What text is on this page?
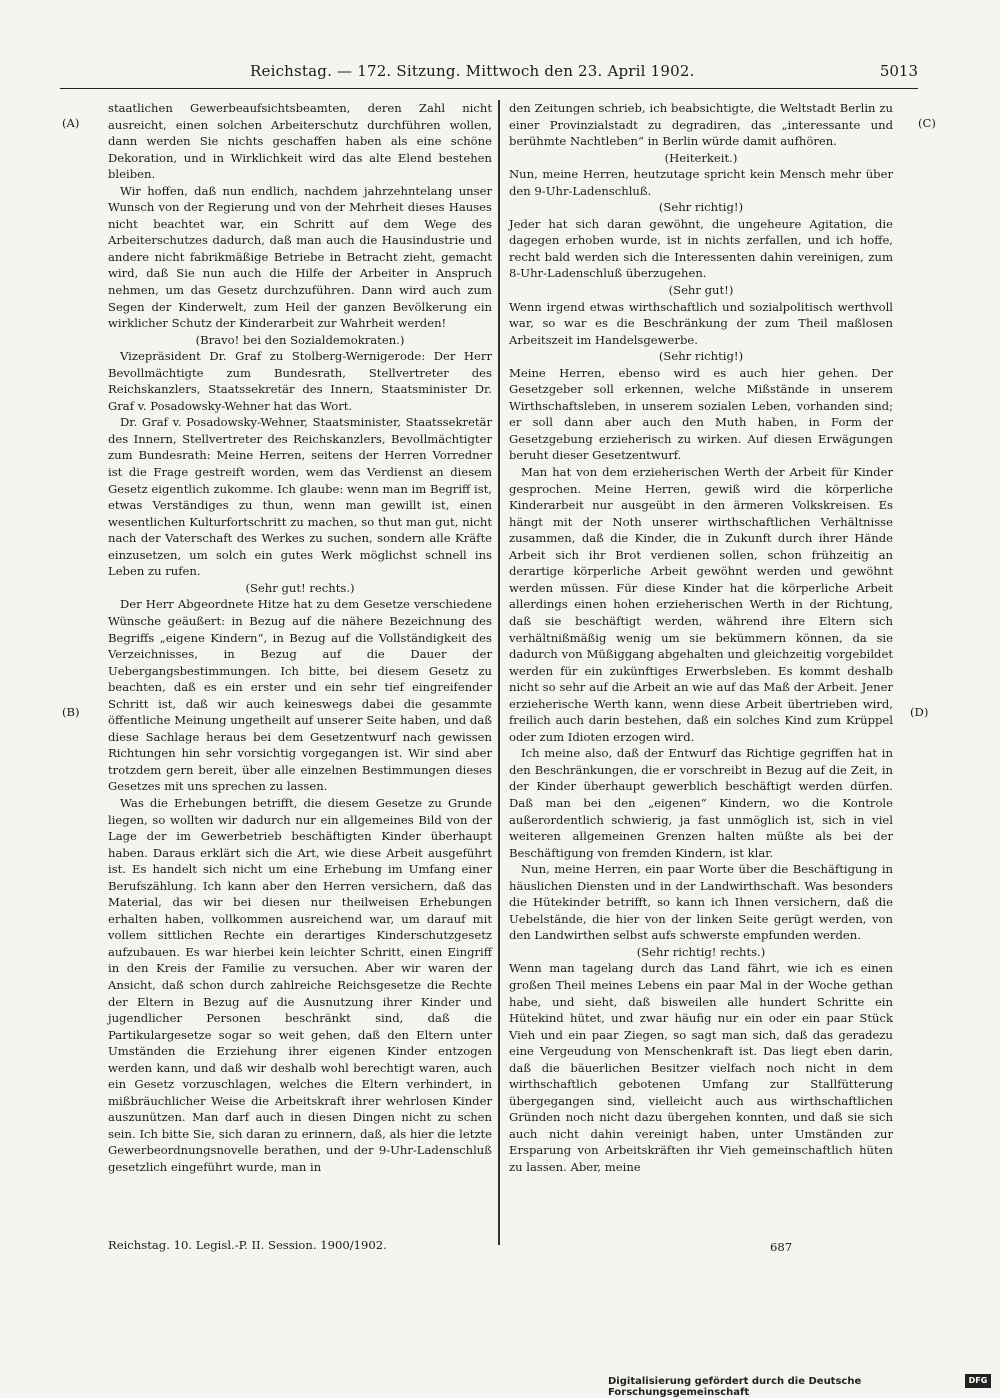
Reichstag. — 172. Sitzung. Mittwoch den 23. April 1902.	5013
(A)
(B)
(C)
(D)

staatlichen Gewerbeaufsichtsbeamten, deren Zahl nicht ausreicht, einen solchen Arbeiterschutz durchführen wollen, dann werden Sie nichts geschaffen haben als eine schöne Dekoration, und in Wirklichkeit wird das alte Elend bestehen bleiben.

Wir hoffen, daß nun endlich, nachdem jahrzehntelang unser Wunsch von der Regierung und von der Mehrheit dieses Hauses nicht beachtet war, ein Schritt auf dem Wege des Arbeiterschutzes dadurch, daß man auch die Hausindustrie und andere nicht fabrikmäßige Betriebe in Betracht zieht, gemacht wird, daß Sie nun auch die Hilfe der Arbeiter in Anspruch nehmen, um das Gesetz durchzuführen. Dann wird auch zum Segen der Kinderwelt, zum Heil der ganzen Bevölkerung ein wirklicher Schutz der Kinderarbeit zur Wahrheit werden!

(Bravo! bei den Sozialdemokraten.)

Vizepräsident Dr. Graf zu Stolberg-Wernigerode: Der Herr Bevollmächtigte zum Bundesrath, Stellvertreter des Reichskanzlers, Staatssekretär des Innern, Staatsminister Dr. Graf v. Posadowsky-Wehner hat das Wort.

Dr. Graf v. Posadowsky-Wehner, Staatsminister, Staatssekretär des Innern, Stellvertreter des Reichskanzlers, Bevollmächtigter zum Bundesrath: Meine Herren, seitens der Herren Vorredner ist die Frage gestreift worden, wem das Verdienst an diesem Gesetz eigentlich zukomme. Ich glaube: wenn man im Begriff ist, etwas Verständiges zu thun, wenn man gewillt ist, einen wesentlichen Kulturfortschritt zu machen, so thut man gut, nicht nach der Vaterschaft des Werkes zu suchen, sondern alle Kräfte einzusetzen, um solch ein gutes Werk möglichst schnell ins Leben zu rufen.

(Sehr gut! rechts.)

Der Herr Abgeordnete Hitze hat zu dem Gesetze verschiedene Wünsche geäußert: in Bezug auf die nähere Bezeichnung des Begriffs „eigene Kindern“, in Bezug auf die Vollständigkeit des Verzeichnisses, in Bezug auf die Dauer der Uebergangsbestimmungen. Ich bitte, bei diesem Gesetz zu beachten, daß es ein erster und ein sehr tief eingreifender Schritt ist, daß wir auch keineswegs dabei die gesammte öffentliche Meinung ungetheilt auf unserer Seite haben, und daß diese Sachlage heraus bei dem Gesetzentwurf nach gewissen Richtungen hin sehr vorsichtig vorgegangen ist. Wir sind aber trotzdem gern bereit, über alle einzelnen Bestimmungen dieses Gesetzes mit uns sprechen zu lassen.

Was die Erhebungen betrifft, die diesem Gesetze zu Grunde liegen, so wollten wir dadurch nur ein allgemeines Bild von der Lage der im Gewerbetrieb beschäftigten Kinder überhaupt haben. Daraus erklärt sich die Art, wie diese Arbeit ausgeführt ist. Es handelt sich nicht um eine Erhebung im Umfang einer Berufszählung. Ich kann aber den Herren versichern, daß das Material, das wir bei diesen nur theilweisen Erhebungen erhalten haben, vollkommen ausreichend war, um darauf mit vollem sittlichen Rechte ein derartiges Kinderschutzgesetz aufzubauen. Es war hierbei kein leichter Schritt, einen Eingriff in den Kreis der Familie zu versuchen. Aber wir waren der Ansicht, daß schon durch zahlreiche Reichsgesetze die Rechte der Eltern in Bezug auf die Ausnutzung ihrer Kinder und jugendlicher Personen beschränkt sind, daß die Partikulargesetze sogar so weit gehen, daß den Eltern unter Umständen die Erziehung ihrer eigenen Kinder entzogen werden kann, und daß wir deshalb wohl berechtigt waren, auch ein Gesetz vorzuschlagen, welches die Eltern verhindert, in mißbräuchlicher Weise die Arbeitskraft ihrer wehrlosen Kinder auszunützen. Man darf auch in diesen Dingen nicht zu schen sein. Ich bitte Sie, sich daran zu erinnern, daß, als hier die letzte Gewerbeordnungsnovelle berathen, und der 9-Uhr-Ladenschluß gesetzlich eingeführt wurde, man in

den Zeitungen schrieb, ich beabsichtigte, die Weltstadt Berlin zu einer Provinzialstadt zu degradiren, das „interessante und berühmte Nachtleben“ in Berlin würde damit aufhören.

(Heiterkeit.)

Nun, meine Herren, heutzutage spricht kein Mensch mehr über den 9-Uhr-Ladenschluß.

(Sehr richtig!)

Jeder hat sich daran gewöhnt, die ungeheure Agitation, die dagegen erhoben wurde, ist in nichts zerfallen, und ich hoffe, recht bald werden sich die Interessenten dahin vereinigen, zum 8-Uhr-Ladenschluß überzugehen.

(Sehr gut!)

Wenn irgend etwas wirthschaftlich und sozialpolitisch werthvoll war, so war es die Beschränkung der zum Theil maßlosen Arbeitszeit im Handelsgewerbe.

(Sehr richtig!)

Meine Herren, ebenso wird es auch hier gehen. Der Gesetzgeber soll erkennen, welche Mißstände in unserem Wirthschaftsleben, in unserem sozialen Leben, vorhanden sind; er soll dann aber auch den Muth haben, in Form der Gesetzgebung erzieherisch zu wirken. Auf diesen Erwägungen beruht dieser Gesetzentwurf.

Man hat von dem erzieherischen Werth der Arbeit für Kinder gesprochen. Meine Herren, gewiß wird die körperliche Kinderarbeit nur ausgeübt in den ärmeren Volkskreisen. Es hängt mit der Noth unserer wirthschaftlichen Verhältnisse zusammen, daß die Kinder, die in Zukunft durch ihrer Hände Arbeit sich ihr Brot verdienen sollen, schon frühzeitig an derartige körperliche Arbeit gewöhnt werden und gewöhnt werden müssen. Für diese Kinder hat die körperliche Arbeit allerdings einen hohen erzieherischen Werth in der Richtung, daß sie beschäftigt werden, während ihre Eltern sich verhältnißmäßig wenig um sie bekümmern können, da sie dadurch von Müßiggang abgehalten und gleichzeitig vorgebildet werden für ein zukünftiges Erwerbsleben. Es kommt deshalb nicht so sehr auf die Arbeit an wie auf das Maß der Arbeit. Jener erzieherische Werth kann, wenn diese Arbeit übertrieben wird, freilich auch darin bestehen, daß ein solches Kind zum Krüppel oder zum Idioten erzogen wird.

Ich meine also, daß der Entwurf das Richtige gegriffen hat in den Beschränkungen, die er vorschreibt in Bezug auf die Zeit, in der Kinder überhaupt gewerblich beschäftigt werden dürfen. Daß man bei den „eigenen“ Kindern, wo die Kontrole außerordentlich schwierig, ja fast unmöglich ist, sich in viel weiteren allgemeinen Grenzen halten müßte als bei der Beschäftigung von fremden Kindern, ist klar.

Nun, meine Herren, ein paar Worte über die Beschäftigung in häuslichen Diensten und in der Landwirthschaft. Was besonders die Hütekinder betrifft, so kann ich Ihnen versichern, daß die Uebelstände, die hier von der linken Seite gerügt werden, von den Landwirthen selbst aufs schwerste empfunden werden.

(Sehr richtig! rechts.)

Wenn man tagelang durch das Land fährt, wie ich es einen großen Theil meines Lebens ein paar Mal in der Woche gethan habe, und sieht, daß bisweilen alle hundert Schritte ein Hütekind hütet, und zwar häufig nur ein oder ein paar Stück Vieh und ein paar Ziegen, so sagt man sich, daß das geradezu eine Vergeudung von Menschenkraft ist. Das liegt eben darin, daß die bäuerlichen Besitzer vielfach noch nicht in dem wirthschaftlich gebotenen Umfang zur Stallfütterung übergegangen sind, vielleicht auch aus wirthschaftlichen Gründen noch nicht dazu übergehen konnten, und daß sie sich auch nicht dahin vereinigt haben, unter Umständen zur Ersparung von Arbeitskräften ihr Vieh gemeinschaftlich hüten zu lassen. Aber, meine

Reichstag. 10. Legisl.-P. II. Session. 1900/1902.	687
Digitalisierung gefördert durch die Deutsche Forschungsgemeinschaft
DFG
